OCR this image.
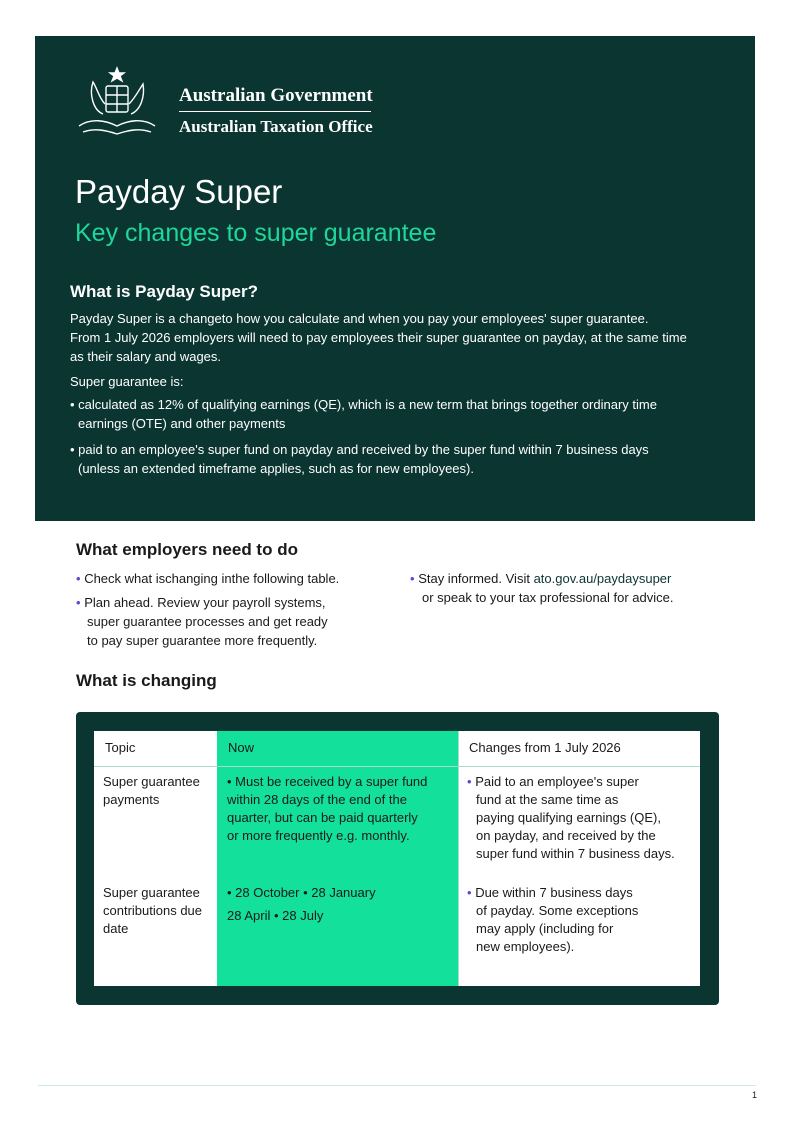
Australian Government
Australian Taxation Office
Payday Super
Key changes to super guarantee
What is Payday Super?

Payday Super is a changeto how you calculate and when you pay your employees' super guarantee.

From 1 July 2026 employers will need to pay employees their super guarantee on payday, at the same time

as their salary and wages.

Super guarantee is:
• calculated as 12% of qualifying earnings (QE), which is a new term that brings together ordinary time
earnings (OTE) and other payments
• paid to an employee's super fund on payday and received by the super fund within 7 business days
(unless an extended timeframe applies, such as for new employees).
What employers need to do
• Check what ischanging inthe following table.
• Plan ahead. Review your payroll systems,
super guarantee processes and get ready
to pay super guarantee more frequently.
• Stay informed. Visit ato.gov.au/paydaysuper
or speak to your tax professional for advice.
What is changing
Topic	Now	Changes from 1 July 2026
Super guarantee
payments
• Must be received by a super fund
within 28 days of the end of the
quarter, but can be paid quarterly
or more frequently e.g. monthly.
• Paid to an employee's super
fund at the same time as
paying qualifying earnings (QE),
on payday, and received by the
super fund within 7 business days.
Super guarantee
contributions due
date
• 28 October • 28 January
28 April • 28 July
• Due within 7 business days
of payday. Some exceptions
may apply (including for
new employees).
1
